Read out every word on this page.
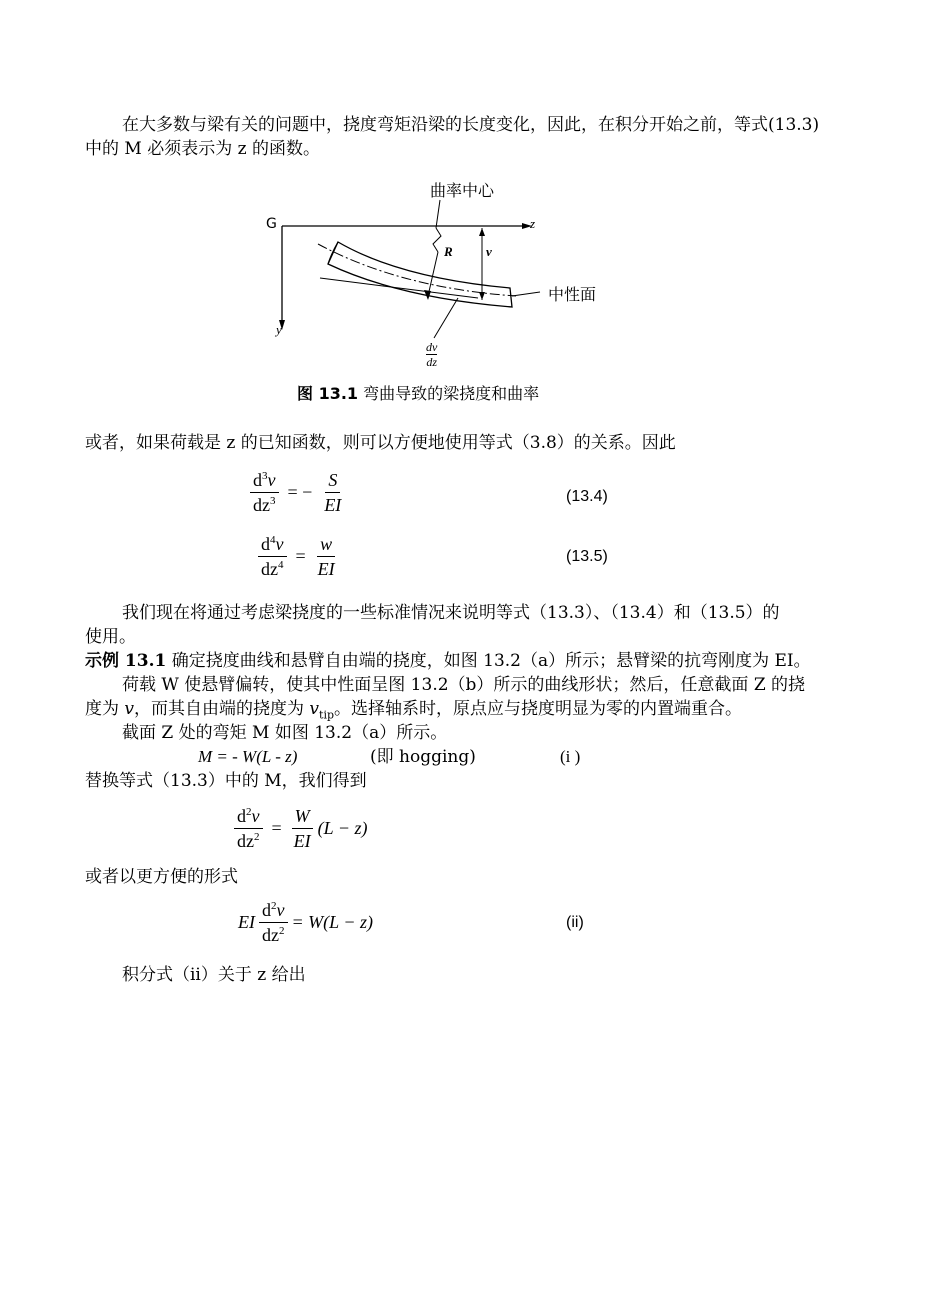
在大多数与梁有关的问题中，挠度弯矩沿梁的长度变化，因此，在积分开始之前，等式(13.3)
中的 M 必须表示为 z 的函数。
曲率中心
G	z
y
R	v
中性面
dv
dz
图 13.1 弯曲导致的梁挠度和曲率
或者，如果荷载是 z 的已知函数，则可以方便地使用等式（3.8）的关系。因此
$\frac{d^3v}{dz^3}$ = − $\frac{S}{EI}$	(13.4)
$\frac{d^4v}{dz^4} = \frac{w}{EI}$	(13.5)
我们现在将通过考虑梁挠度的一些标准情况来说明等式（13.3）、（13.4）和（13.5）的
使用。
示例 13.1 确定挠度曲线和悬臂自由端的挠度，如图 13.2（a）所示；悬臂梁的抗弯刚度为 EI。
荷载 W 使悬臂偏转，使其中性面呈图 13.2（b）所示的曲线形状；然后，任意截面 Z 的挠
度为 v，而其自由端的挠度为 $v_{tip}$。选择轴系时，原点应与挠度明显为零的内置端重合。
截面 Z 处的弯矩 M 如图 13.2（a）所示。
M = - W(L - z)	(即 hogging)	(i )
替换等式（13.3）中的 M，我们得到
$\frac{d^2v}{dz^2} = \frac{W}{EI} (L - z)$
或者以更方便的形式
EI $\frac{d^2v}{dz^2} = W(L - z)$	(ii)
积分式（ii）关于 z 给出
